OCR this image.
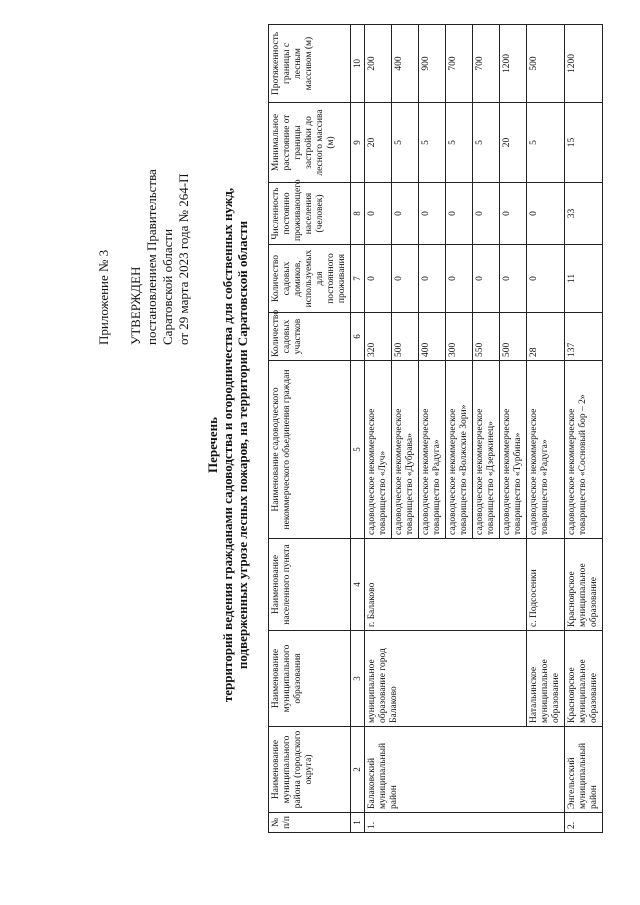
Приложение № 3 УТВЕРЖДЕН постановлением Правительства Саратовской области от 29 марта 2023 года № 264-П
Перечень территорий ведения гражданами садоводства и огородничества для собственных нужд, подверженных угрозе лесных пожаров, на территории Саратовской области
№ п/п	Наименование муниципального района (городского округа)	Наименование муниципального образования	Наименование населенного пункта	Наименование садоводческого некоммерческого объединения граждан	Количество садовых участков	Количество садовых домиков, используемых для постоянного проживания	Численность постоянно проживающего населения (человек)	Минимальное расстояние от границы застройки до лесного массива (м)	Протяженность границы с лесным массивом (м)
1	2	3	4	5	6	7	8	9	10
1.	Балаковский муниципальный район	муниципальное образование город Балаково	г. Балаково	садоводческое некоммерческое товарищество «Луч»	320	0	0	20	200
				садоводческое некоммерческое товарищество «Дубрава»	500	0	0	5	400
				садоводческое некоммерческое товарищество «Радуга»	400	0	0	5	900
				садоводческое некоммерческое товарищество «Волжские Зори»	300	0	0	5	700
				садоводческое некоммерческое товарищество «Дзержинец»	550	0	0	5	700
				садоводческое некоммерческое товарищество «Турбина»	500	0	0	20	1200
		Натальинское муниципальное образование	с. Подсосенки	садоводческое некоммерческое товарищество «Радуга»	28	0	0	5	500
2.	Энгельсский муниципальный район	Красноярское муниципальное образование	Красноярское муниципальное образование	садоводческое некоммерческое товарищество «Сосновый бор – 2»	137	11	33	15	1200
